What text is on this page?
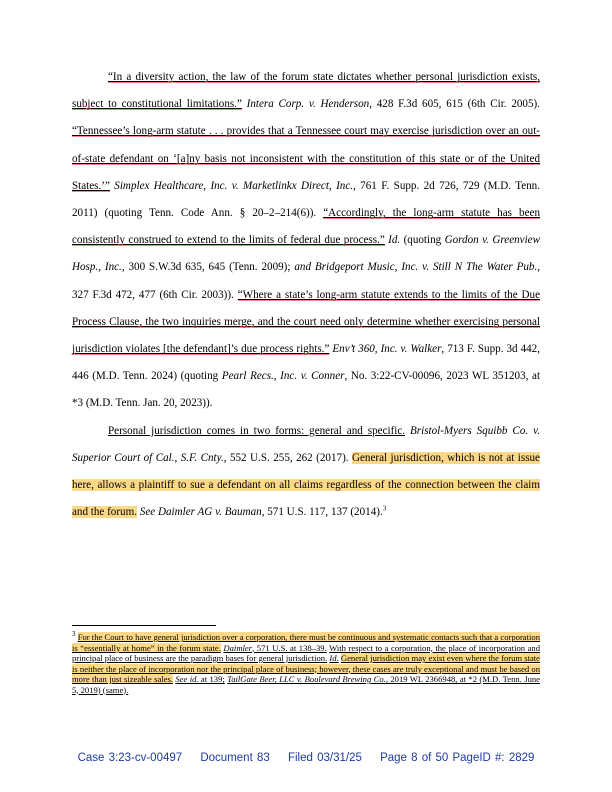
“In a diversity action, the law of the forum state dictates whether personal jurisdiction exists, subject to constitutional limitations.” Intera Corp. v. Henderson, 428 F.3d 605, 615 (6th Cir. 2005). “Tennessee’s long-arm statute . . . provides that a Tennessee court may exercise jurisdiction over an out-of-state defendant on ‘[a]ny basis not inconsistent with the constitution of this state or of the United States.’” Simplex Healthcare, Inc. v. Marketlinkx Direct, Inc., 761 F. Supp. 2d 726, 729 (M.D. Tenn. 2011) (quoting Tenn. Code Ann. § 20–2–214(6)). “Accordingly, the long-arm statute has been consistently construed to extend to the limits of federal due process.” Id. (quoting Gordon v. Greenview Hosp., Inc., 300 S.W.3d 635, 645 (Tenn. 2009); and Bridgeport Music, Inc. v. Still N The Water Pub., 327 F.3d 472, 477 (6th Cir. 2003)). “Where a state’s long-arm statute extends to the limits of the Due Process Clause, the two inquiries merge, and the court need only determine whether exercising personal jurisdiction violates [the defendant]’s due process rights.” Env’t 360, Inc. v. Walker, 713 F. Supp. 3d 442, 446 (M.D. Tenn. 2024) (quoting Pearl Recs., Inc. v. Conner, No. 3:22-CV-00096, 2023 WL 351203, at *3 (M.D. Tenn. Jan. 20, 2023)).

Personal jurisdiction comes in two forms: general and specific. Bristol-Myers Squibb Co. v. Superior Court of Cal., S.F. Cnty., 552 U.S. 255, 262 (2017). General jurisdiction, which is not at issue here, allows a plaintiff to sue a defendant on all claims regardless of the connection between the claim and the forum. See Daimler AG v. Bauman, 571 U.S. 117, 137 (2014).$^3$

$^3$ For the Court to have general jurisdiction over a corporation, there must be continuous and systematic contacts such that a corporation is “essentially at home” in the forum state. Daimler, 571 U.S. at 138–39. With respect to a corporation, the place of incorporation and principal place of business are the paradigm bases for general jurisdiction. Id. General jurisdiction may exist even where the forum state is neither the place of incorporation nor the principal place of business; however, these cases are truly exceptional and must be based on more than just sizeable sales. See id. at 139; TailGate Beer, LLC v. Boulevard Brewing Co., 2019 WL 2366948, at *2 (M.D. Tenn. June 5, 2019) (same).

Case 3:23-cv-00497 Document 83 Filed 03/31/25 Page 8 of 50 PageID #: 2829
